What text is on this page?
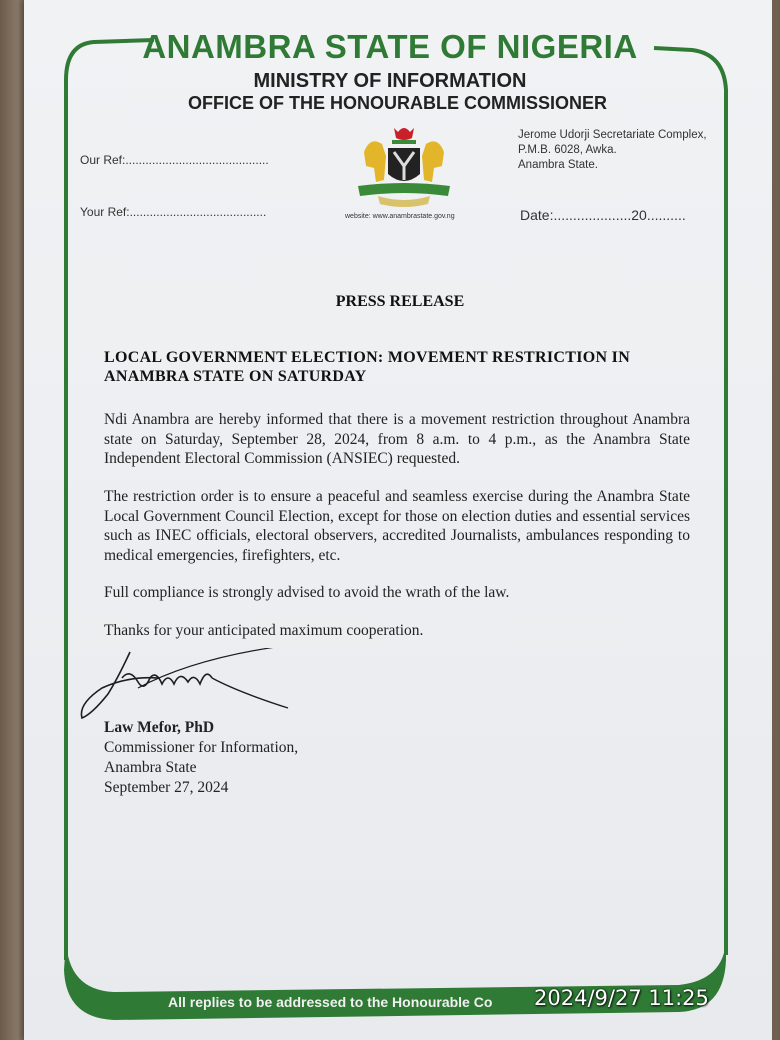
ANAMBRA STATE OF NIGERIA
MINISTRY OF INFORMATION
OFFICE OF THE HONOURABLE COMMISSIONER
Our Ref:...........................................
Your Ref:.........................................	website: www.anambrastate.gov.ng
Jerome Udorji Secretariate Complex,
P.M.B. 6028, Awka.
Anambra State.
Date:....................20..........
PRESS RELEASE
LOCAL GOVERNMENT ELECTION: MOVEMENT RESTRICTION IN
ANAMBRA STATE ON SATURDAY
Ndi Anambra are hereby informed that there is a movement restriction throughout Anambra state on Saturday, September 28, 2024, from 8 a.m. to 4 p.m., as the Anambra State Independent Electoral Commission (ANSIEC) requested.
The restriction order is to ensure a peaceful and seamless exercise during the Anambra State Local Government Council Election, except for those on election duties and essential services such as INEC officials, electoral observers, accredited Journalists, ambulances responding to medical emergencies, firefighters, etc.
Full compliance is strongly advised to avoid the wrath of the law.
Thanks for your anticipated maximum cooperation.
Law Mefor, PhD
Commissioner for Information,
Anambra State
September 27, 2024
All replies to be addressed to the Honourable Co 2024/9/27 11:25
